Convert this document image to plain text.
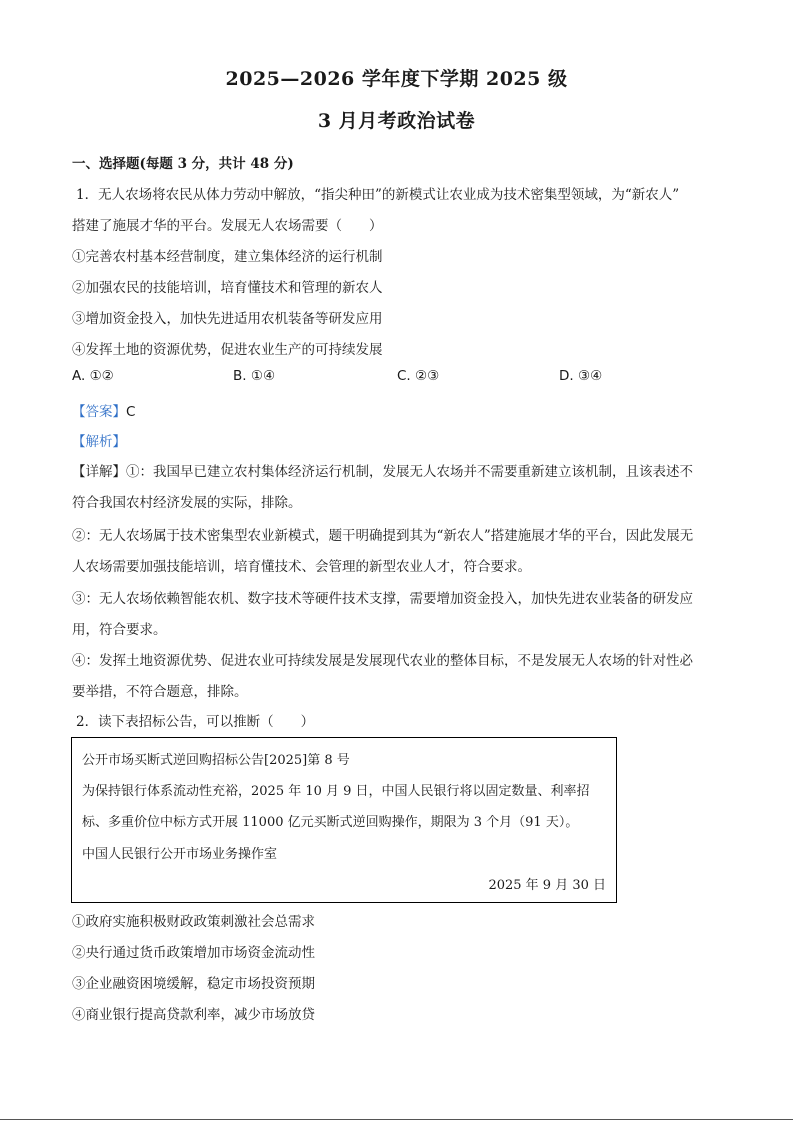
2025—2026 学年度下学期 2025 级
3 月月考政治试卷
一、选择题(每题 3 分，共计 48 分)
1．无人农场将农民从体力劳动中解放，“指尖种田”的新模式让农业成为技术密集型领域，为“新农人”
搭建了施展才华的平台。发展无人农场需要（　　）
①完善农村基本经营制度，建立集体经济的运行机制
②加强农民的技能培训，培育懂技术和管理的新农人
③增加资金投入，加快先进适用农机装备等研发应用
④发挥土地的资源优势，促进农业生产的可持续发展
A. ①②	B. ①④	C. ②③	D. ③④
【答案】C
【解析】
【详解】①：我国早已建立农村集体经济运行机制，发展无人农场并不需要重新建立该机制，且该表述不
符合我国农村经济发展的实际，排除。
②：无人农场属于技术密集型农业新模式，题干明确提到其为“新农人”搭建施展才华的平台，因此发展无
人农场需要加强技能培训，培育懂技术、会管理的新型农业人才，符合要求。
③：无人农场依赖智能农机、数字技术等硬件技术支撑，需要增加资金投入，加快先进农业装备的研发应
用，符合要求。
④：发挥土地资源优势、促进农业可持续发展是发展现代农业的整体目标，不是发展无人农场的针对性必
要举措，不符合题意，排除。
2．读下表招标公告，可以推断（　　）
公开市场买断式逆回购招标公告[2025]第 8 号
为保持银行体系流动性充裕，2025 年 10 月 9 日，中国人民银行将以固定数量、利率招
标、多重价位中标方式开展 11000 亿元买断式逆回购操作，期限为 3 个月（91 天）。
中国人民银行公开市场业务操作室
2025 年 9 月 30 日
①政府实施积极财政政策刺激社会总需求
②央行通过货币政策增加市场资金流动性
③企业融资困境缓解，稳定市场投资预期
④商业银行提高贷款利率，减少市场放贷
